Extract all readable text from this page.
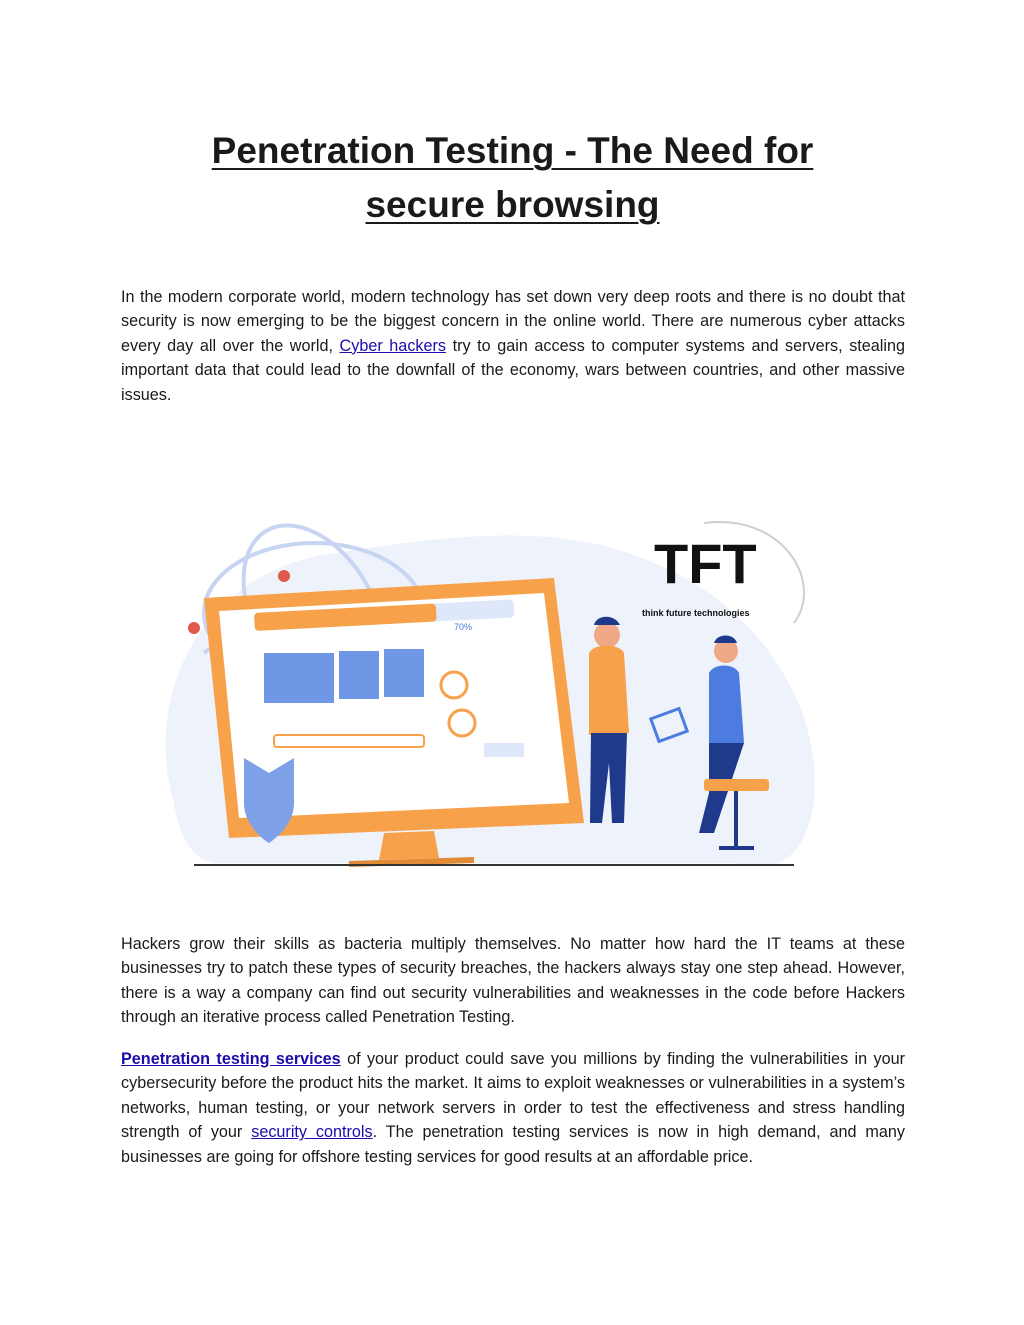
Penetration Testing - The Need for
secure browsing

In the modern corporate world, modern technology has set down very deep roots and there is no doubt that security is now emerging to be the biggest concern in the online world. There are numerous cyber attacks every day all over the world, Cyber hackers try to gain access to computer systems and servers, stealing important data that could lead to the downfall of the economy, wars between countries, and other massive issues.

70%
TFT
think future technologies

Hackers grow their skills as bacteria multiply themselves. No matter how hard the IT teams at these businesses try to patch these types of security breaches, the hackers always stay one step ahead. However, there is a way a company can find out security vulnerabilities and weaknesses in the code before Hackers through an iterative process called Penetration Testing.

Penetration testing services of your product could save you millions by finding the vulnerabilities in your cybersecurity before the product hits the market. It aims to exploit weaknesses or vulnerabilities in a system’s networks, human testing, or your network servers in order to test the effectiveness and stress handling strength of your security controls. The penetration testing services is now in high demand, and many businesses are going for offshore testing services for good results at an affordable price.
